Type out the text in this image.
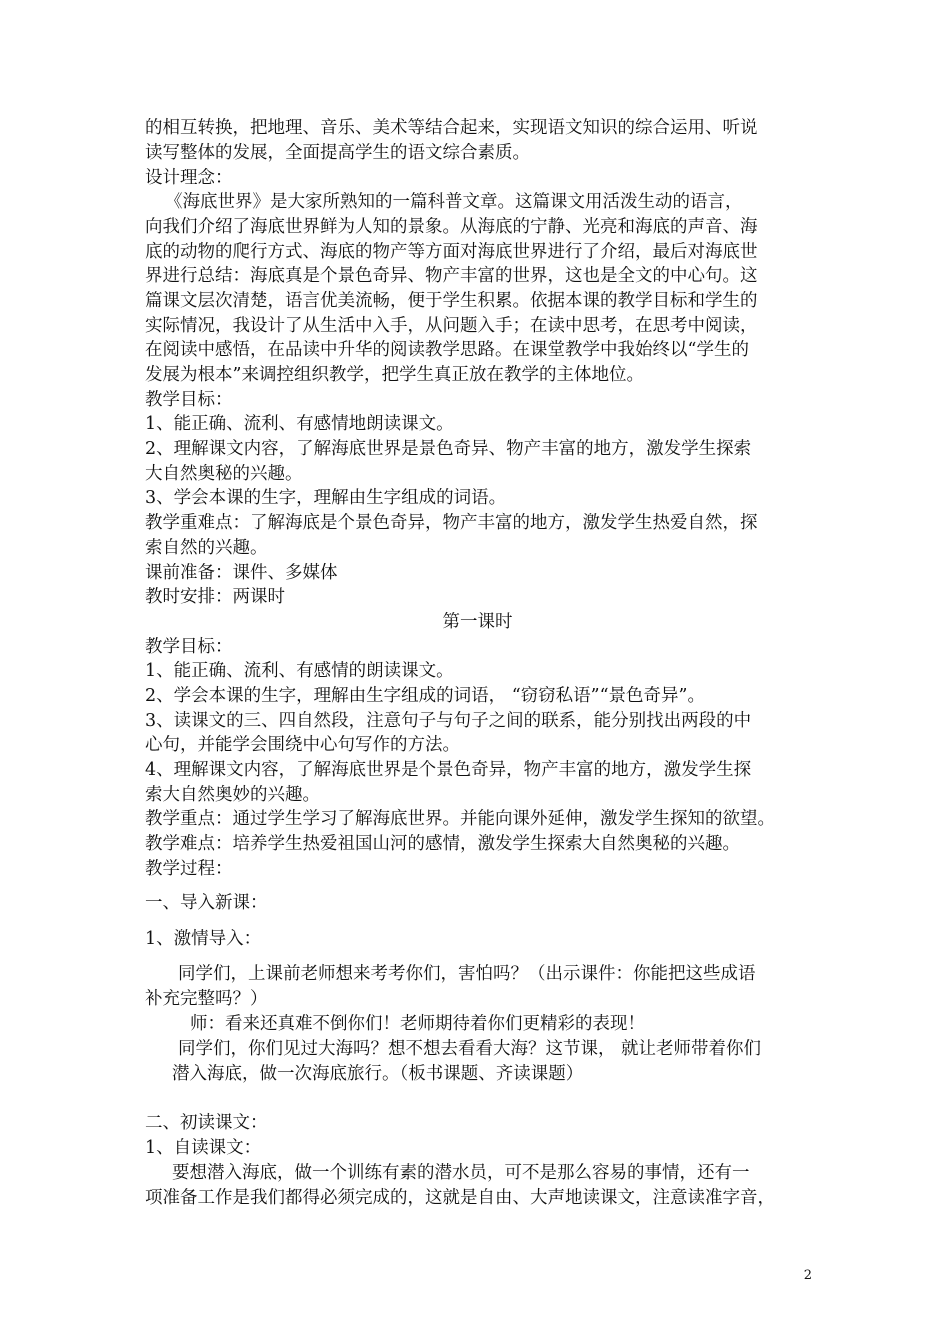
的相互转换，把地理、音乐、美术等结合起来，实现语文知识的综合运用、听说
读写整体的发展，全面提高学生的语文综合素质。
设计理念：
《海底世界》是大家所熟知的一篇科普文章。这篇课文用活泼生动的语言，
向我们介绍了海底世界鲜为人知的景象。从海底的宁静、光亮和海底的声音、海
底的动物的爬行方式、海底的物产等方面对海底世界进行了介绍，最后对海底世
界进行总结：海底真是个景色奇异、物产丰富的世界，这也是全文的中心句。这
篇课文层次清楚，语言优美流畅，便于学生积累。依据本课的教学目标和学生的
实际情况，我设计了从生活中入手，从问题入手；在读中思考，在思考中阅读，
在阅读中感悟，在品读中升华的阅读教学思路。在课堂教学中我始终以“学生的
发展为根本”来调控组织教学，把学生真正放在教学的主体地位。
教学目标：
1、能正确、流利、有感情地朗读课文。
2、理解课文内容，了解海底世界是景色奇异、物产丰富的地方，激发学生探索
大自然奥秘的兴趣。
3、学会本课的生字，理解由生字组成的词语。
教学重难点：了解海底是个景色奇异，物产丰富的地方，激发学生热爱自然，探
索自然的兴趣。
课前准备：课件、多媒体
教时安排：两课时
第一课时
教学目标：
1、能正确、流利、有感情的朗读课文。
2、学会本课的生字，理解由生字组成的词语， “窃窃私语”“景色奇异”。
3、读课文的三、四自然段，注意句子与句子之间的联系，能分别找出两段的中
心句，并能学会围绕中心句写作的方法。
4、理解课文内容，了解海底世界是个景色奇异，物产丰富的地方，激发学生探
索大自然奥妙的兴趣。
教学重点：通过学生学习了解海底世界。并能向课外延伸，激发学生探知的欲望。
教学难点：培养学生热爱祖国山河的感情，激发学生探索大自然奥秘的兴趣。
教学过程：
一、导入新课：
1、激情导入：
同学们，上课前老师想来考考你们，害怕吗？（出示课件：你能把这些成语
补充完整吗？）
师：看来还真难不倒你们！老师期待着你们更精彩的表现！
同学们，你们见过大海吗？想不想去看看大海？这节课， 就让老师带着你们
潜入海底，做一次海底旅行。（板书课题、齐读课题）
二、初读课文：
1、自读课文：
要想潜入海底，做一个训练有素的潜水员，可不是那么容易的事情，还有一
项准备工作是我们都得必须完成的，这就是自由、大声地读课文，注意读准字音，
2
